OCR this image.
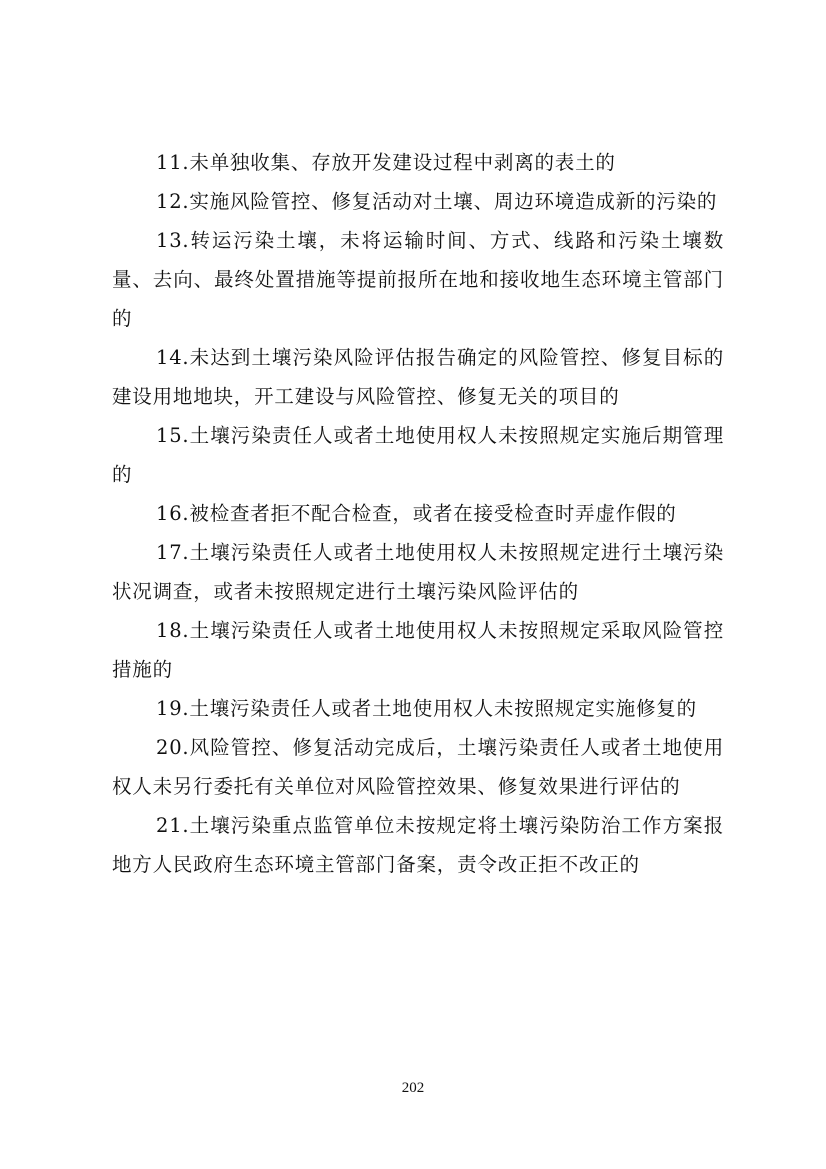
11.未单独收集、存放开发建设过程中剥离的表土的

12.实施风险管控、修复活动对土壤、周边环境造成新的污染的

13.转运污染土壤，未将运输时间、方式、线路和污染土壤数量、去向、最终处置措施等提前报所在地和接收地生态环境主管部门的

14.未达到土壤污染风险评估报告确定的风险管控、修复目标的建设用地地块，开工建设与风险管控、修复无关的项目的

15.土壤污染责任人或者土地使用权人未按照规定实施后期管理的

16.被检查者拒不配合检查，或者在接受检查时弄虚作假的

17.土壤污染责任人或者土地使用权人未按照规定进行土壤污染状况调查，或者未按照规定进行土壤污染风险评估的

18.土壤污染责任人或者土地使用权人未按照规定采取风险管控措施的

19.土壤污染责任人或者土地使用权人未按照规定实施修复的

20.风险管控、修复活动完成后，土壤污染责任人或者土地使用权人未另行委托有关单位对风险管控效果、修复效果进行评估的

21.土壤污染重点监管单位未按规定将土壤污染防治工作方案报地方人民政府生态环境主管部门备案，责令改正拒不改正的

202
